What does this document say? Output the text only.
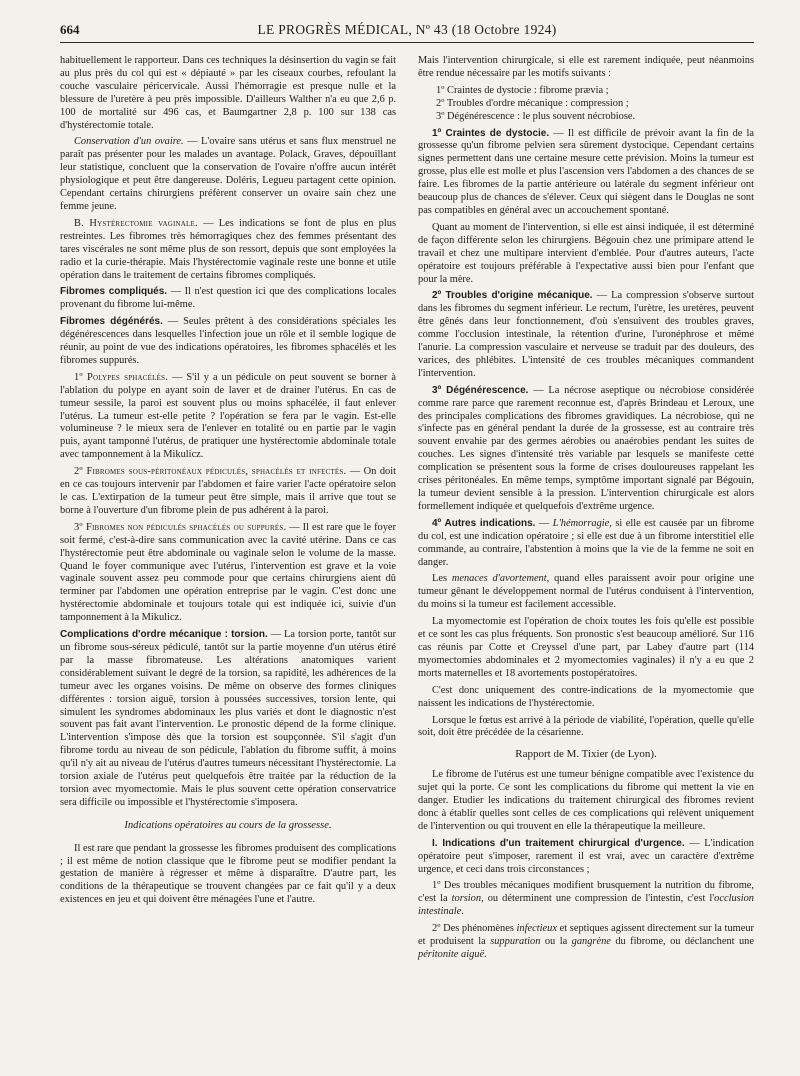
664	LE PROGRÈS MÉDICAL, Nº 43 (18 Octobre 1924)

habituellement le rapporteur. Dans ces techniques la désinsertion du vagin se fait au plus près du col qui est « dépiauté » par les ciseaux courbes, refoulant la couche vasculaire péricervicale. Aussi l'hémorragie est presque nulle et la blessure de l'uretère à peu près impossible. D'ailleurs Walther n'a eu que 2,6 p. 100 de mortalité sur 496 cas, et Baumgartner 2,8 p. 100 sur 138 cas d'hystérectomie totale.

Conservation d'un ovaire. — L'ovaire sans utérus et sans flux menstruel ne paraît pas présenter pour les malades un avantage. Polack, Graves, dépouillant leur statistique, concluent que la conservation de l'ovaire n'offre aucun intérêt physiologique et peut être dangereuse. Doléris, Legueu partagent cette opinion. Cependant certains chirurgiens préfèrent conserver un ovaire sain chez une femme jeune.

B. Hystérectomie vaginale. — Les indications se font de plus en plus restreintes. Les fibromes très hémorragiques chez des femmes présentant des tares viscérales ne sont même plus de son ressort, depuis que sont employées la radio et la curie-thérapie. Mais l'hystérectomie vaginale reste une bonne et utile opération dans le traitement de certains fibromes compliqués.

Fibromes compliqués. — Il n'est question ici que des complications locales provenant du fibrome lui-même.

Fibromes dégénérés. — Seules prêtent à des considérations spéciales les dégénérescences dans lesquelles l'infection joue un rôle et il semble logique de réunir, au point de vue des indications opératoires, les fibromes sphacélés et les fibromes suppurés.

1º Polypes sphacélés. — S'il y a un pédicule on peut souvent se borner à l'ablation du polype en ayant soin de laver et de drainer l'utérus. En cas de tumeur sessile, la paroi est souvent plus ou moins sphacélée, il faut enlever l'utérus. La tumeur est-elle petite ? l'opération se fera par le vagin. Est-elle volumineuse ? le mieux sera de l'enlever en totalité ou en partie par le vagin puis, ayant tamponné l'utérus, de pratiquer une hystérectomie abdominale totale avec tamponnement à la Mikulicz.

2º Fibromes sous-péritonéaux pédiculés, sphacélés et infectés. — On doit en ce cas toujours intervenir par l'abdomen et faire varier l'acte opératoire selon le cas. L'extirpation de la tumeur peut être simple, mais il arrive que tout se borne à l'ouverture d'un fibrome plein de pus adhérent à la paroi.

3º Fibromes non pédiculés sphacélés ou suppurés. — Il est rare que le foyer soit fermé, c'est-à-dire sans communication avec la cavité utérine. Dans ce cas l'hystérectomie peut être abdominale ou vaginale selon le volume de la masse. Quand le foyer communique avec l'utérus, l'intervention est grave et la voie vaginale souvent assez peu commode pour que certains chirurgiens aient dû terminer par l'abdomen une opération entreprise par le vagin. C'est donc une hystérectomie abdominale et toujours totale qui est indiquée ici, suivie d'un tamponnement à la Mikulicz.

Complications d'ordre mécanique : torsion. — La torsion porte, tantôt sur un fibrome sous-séreux pédiculé, tantôt sur la partie moyenne d'un utérus étiré par la masse fibromateuse. Les altérations anatomiques varient considérablement suivant le degré de la torsion, sa rapidité, les adhérences de la tumeur avec les organes voisins. De même on observe des formes cliniques différentes : torsion aiguë, torsion à poussées successives, torsion lente, qui simulent les syndromes abdominaux les plus variés et dont le diagnostic n'est souvent pas fait avant l'intervention. Le pronostic dépend de la forme clinique. L'intervention s'impose dès que la torsion est soupçonnée. S'il s'agit d'un fibrome tordu au niveau de son pédicule, l'ablation du fibrome suffit, à moins qu'il n'y ait au niveau de l'utérus d'autres tumeurs nécessitant l'hystérectomie. La torsion axiale de l'utérus peut quelquefois être traitée par la réduction de la torsion avec myomectomie. Mais le plus souvent cette opération conservatrice sera difficile ou impossible et l'hystérectomie s'imposera.

Indications opératoires au cours de la grossesse.

Il est rare que pendant la grossesse les fibromes produisent des complications ; il est même de notion classique que le fibrome peut se modifier pendant la gestation de manière à régresser et même à disparaître. D'autre part, les conditions de la thérapeutique se trouvent changées par ce fait qu'il y a deux existences en jeu et qui doivent être ménagées l'une et l'autre.

Mais l'intervention chirurgicale, si elle est rarement indiquée, peut néanmoins être rendue nécessaire par les motifs suivants :

1º Craintes de dystocie : fibrome prævia ;
2º Troubles d'ordre mécanique : compression ;
3º Dégénérescence : le plus souvent nécrobiose.

1º Craintes de dystocie. — Il est difficile de prévoir avant la fin de la grossesse qu'un fibrome pelvien sera sûrement dystocique. Cependant certains signes permettent dans une certaine mesure cette prévision. Moins la tumeur est grosse, plus elle est molle et plus l'ascension vers l'abdomen a des chances de se faire. Les fibromes de la partie antérieure ou latérale du segment inférieur ont beaucoup plus de chances de s'élever. Ceux qui siègent dans le Douglas ne sont pas compatibles en général avec un accouchement spontané.

Quant au moment de l'intervention, si elle est ainsi indiquée, il est déterminé de façon différente selon les chirurgiens. Bégouin chez une primipare attend le travail et chez une multipare intervient d'emblée. Pour d'autres auteurs, l'acte opératoire est toujours préférable à l'expectative aussi bien pour l'enfant que pour la mère.

2º Troubles d'origine mécanique. — La compression s'observe surtout dans les fibromes du segment inférieur. Le rectum, l'urètre, les uretères, peuvent être gênés dans leur fonctionnement, d'où s'ensuivent des troubles graves, comme l'occlusion intestinale, la rétention d'urine, l'uronéphrose et même l'anurie. La compression vasculaire et nerveuse se traduit par des douleurs, des varices, des phlébites. L'intensité de ces troubles mécaniques commandent l'intervention.

3º Dégénérescence. — La nécrose aseptique ou nécrobiose considérée comme rare parce que rarement reconnue est, d'après Brindeau et Leroux, une des principales complications des fibromes gravidiques. La nécrobiose, qui ne s'infecte pas en général pendant la durée de la grossesse, est au contraire très souvent envahie par des germes aérobies ou anaérobies pendant les suites de couches. Les signes d'intensité très variable par lesquels se manifeste cette complication se présentent sous la forme de crises douloureuses rappelant les crises péritonéales. En même temps, symptôme important signalé par Bégouin, la tumeur devient sensible à la pression. L'intervention chirurgicale est alors formellement indiquée et quelquefois d'extrême urgence.

4º Autres indications. — L'hémorragie, si elle est causée par un fibrome du col, est une indication opératoire ; si elle est due à un fibrome interstitiel elle commande, au contraire, l'abstention à moins que la vie de la femme ne soit en danger.

Les menaces d'avortement, quand elles paraissent avoir pour origine une tumeur gênant le développement normal de l'utérus conduisent à l'intervention, du moins si la tumeur est facilement accessible.

La myomectomie est l'opération de choix toutes les fois qu'elle est possible et ce sont les cas plus fréquents. Son pronostic s'est beaucoup amélioré. Sur 116 cas réunis par Cotte et Creyssel d'une part, par Labey d'autre part (114 myomectomies abdominales et 2 myomectomies vaginales) il n'y a eu que 2 morts maternelles et 18 avortements postopératoires.

C'est donc uniquement des contre-indications de la myomectomie que naissent les indications de l'hystérectomie.

Lorsque le fœtus est arrivé à la période de viabilité, l'opération, quelle qu'elle soit, doit être précédée de la césarienne.

Rapport de M. Tixier (de Lyon).

Le fibrome de l'utérus est une tumeur bénigne compatible avec l'existence du sujet qui la porte. Ce sont les complications du fibrome qui mettent la vie en danger. Etudier les indications du traitement chirurgical des fibromes revient donc à établir quelles sont celles de ces complications qui relèvent uniquement de l'intervention ou qui trouvent en elle la thérapeutique la meilleure.

I. Indications d'un traitement chirurgical d'urgence. — L'indication opératoire peut s'imposer, rarement il est vrai, avec un caractère d'extrême urgence, et ceci dans trois circonstances ;

1º Des troubles mécaniques modifient brusquement la nutrition du fibrome, c'est la torsion, ou déterminent une compression de l'intestin, c'est l'occlusion intestinale.

2º Des phénomènes infectieux et septiques agissent directement sur la tumeur et produisent la suppuration ou la gangrène du fibrome, ou déclanchent une péritonite aiguë.
